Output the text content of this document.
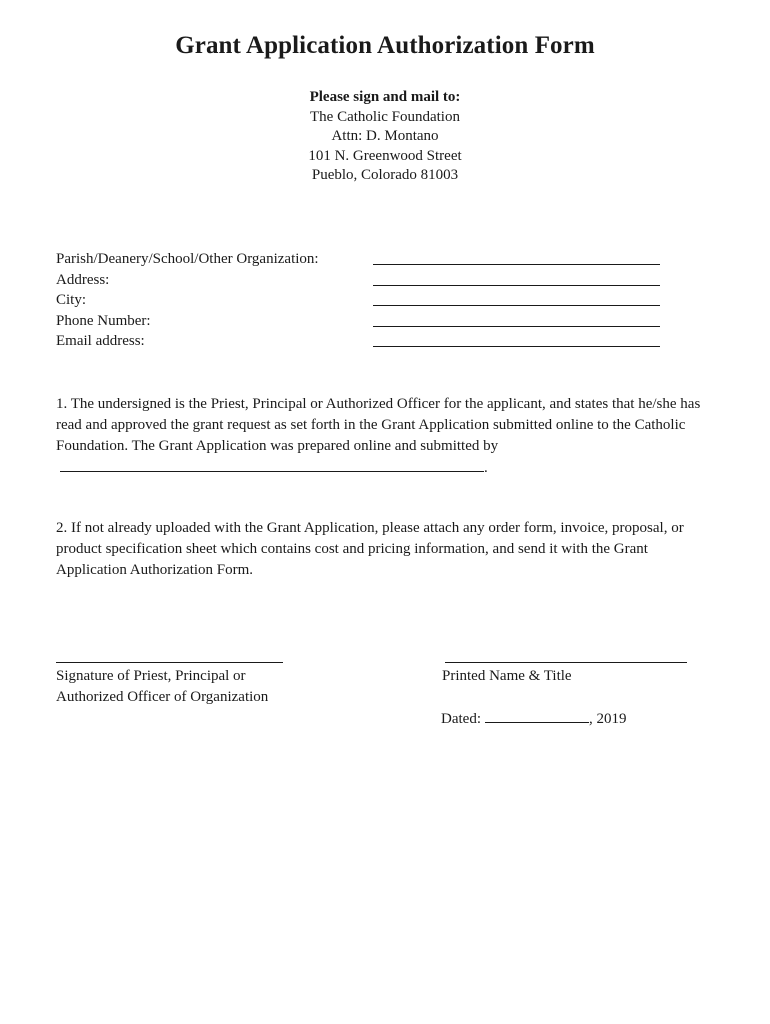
Grant Application Authorization Form
Please sign and mail to:
The Catholic Foundation
Attn: D. Montano
101 N. Greenwood Street
Pueblo, Colorado 81003
Parish/Deanery/School/Other Organization:
Address:
City:
Phone Number:
Email address:
1. The undersigned is the Priest, Principal or Authorized Officer for the applicant, and states that he/she has read and approved the grant request as set forth in the Grant Application submitted online to the Catholic Foundation. The Grant Application was prepared online and submitted by.
2. If not already uploaded with the Grant Application, please attach any order form, invoice, proposal, or product specification sheet which contains cost and pricing information, and send it with the Grant Application Authorization Form.
Signature of Priest, Principal or
Authorized Officer of Organization
Printed Name & Title
Dated:	, 2019
